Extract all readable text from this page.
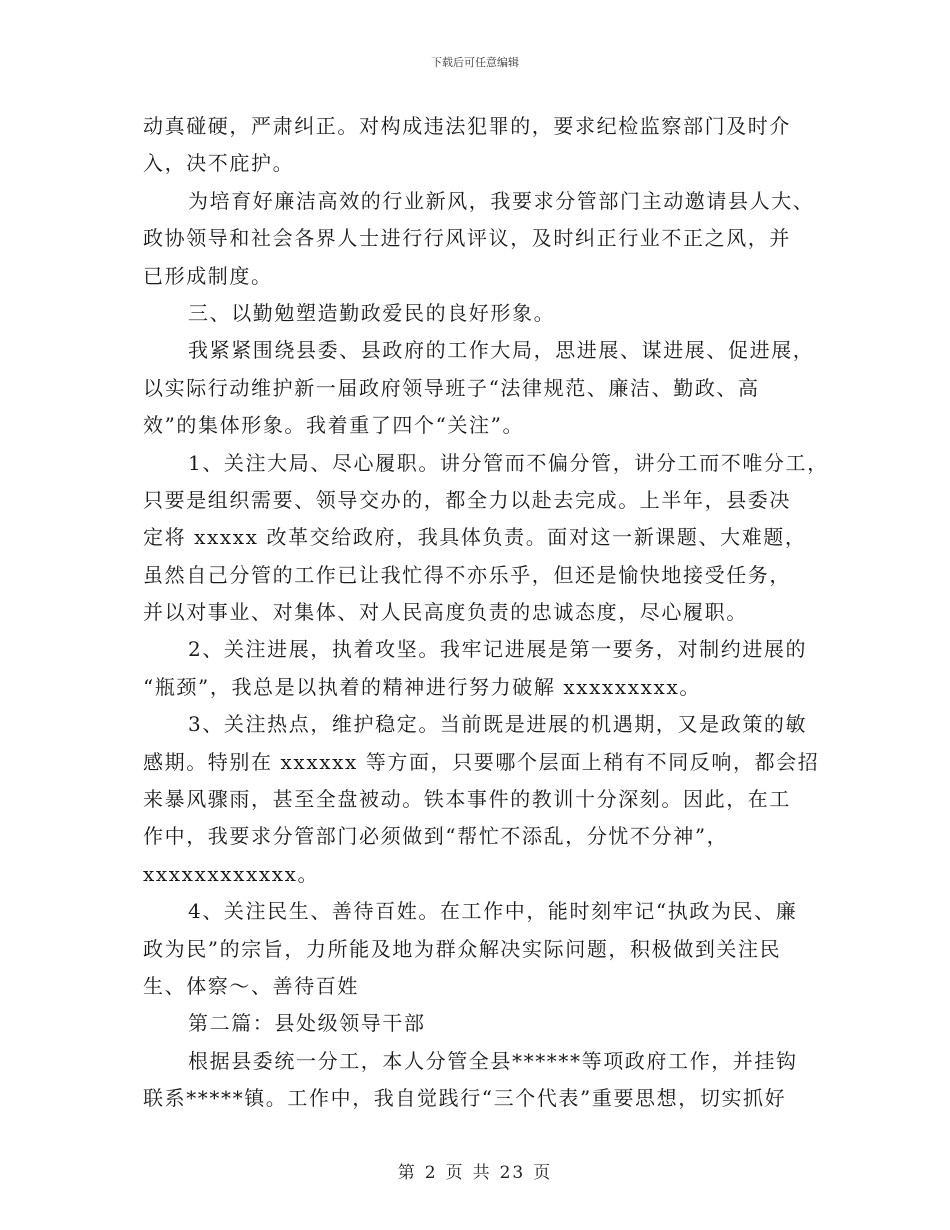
下载后可任意编辑
动真碰硬，严肃纠正。对构成违法犯罪的，要求纪检监察部门及时介
入，决不庇护。
为培育好廉洁高效的行业新风，我要求分管部门主动邀请县人大、
政协领导和社会各界人士进行行风评议，及时纠正行业不正之风，并
已形成制度。
三、以勤勉塑造勤政爱民的良好形象。
我紧紧围绕县委、县政府的工作大局，思进展、谋进展、促进展，
以实际行动维护新一届政府领导班子“法律规范、廉洁、勤政、高
效”的集体形象。我着重了四个“关注”。
1、关注大局、尽心履职。讲分管而不偏分管，讲分工而不唯分工，
只要是组织需要、领导交办的，都全力以赴去完成。上半年，县委决
定将 xxxxx 改革交给政府，我具体负责。面对这一新课题、大难题，
虽然自己分管的工作已让我忙得不亦乐乎，但还是愉快地接受任务，
并以对事业、对集体、对人民高度负责的忠诚态度，尽心履职。
2、关注进展，执着攻坚。我牢记进展是第一要务，对制约进展的
“瓶颈”，我总是以执着的精神进行努力破解 xxxxxxxxx。
3、关注热点，维护稳定。当前既是进展的机遇期，又是政策的敏
感期。特别在 xxxxxx 等方面，只要哪个层面上稍有不同反响，都会招
来暴风骤雨，甚至全盘被动。铁本事件的教训十分深刻。因此，在工
作中，我要求分管部门必须做到“帮忙不添乱，分忧不分神”，
xxxxxxxxxxxx。
4、关注民生、善待百姓。在工作中，能时刻牢记“执政为民、廉
政为民”的宗旨，力所能及地为群众解决实际问题，积极做到关注民
生、体察～、善待百姓
第二篇：县处级领导干部
根据县委统一分工，本人分管全县******等项政府工作，并挂钩
联系*****镇。工作中，我自觉践行“三个代表”重要思想，切实抓好
第 2 页 共 23 页
